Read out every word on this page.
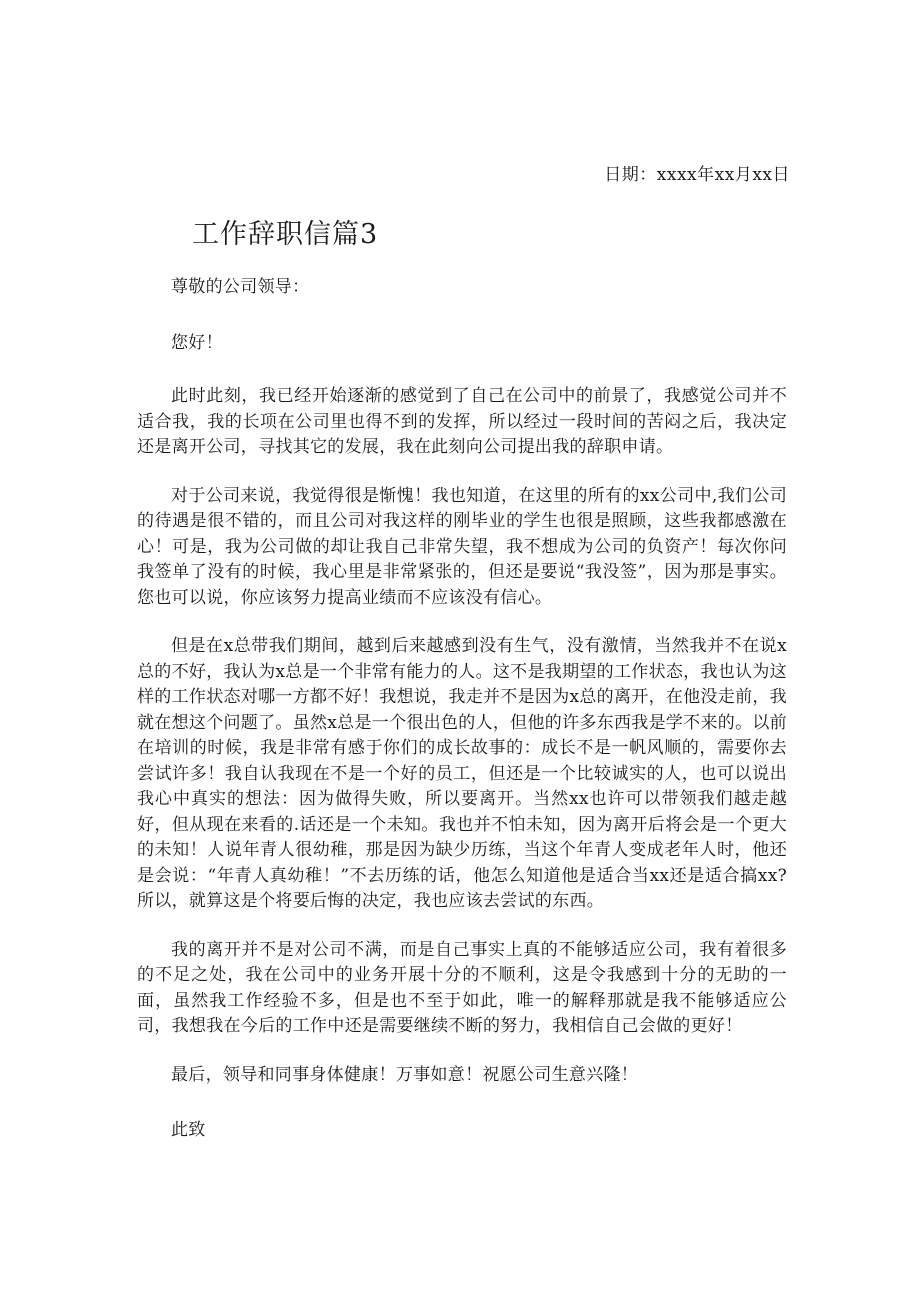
日期：xxxx年xx月xx日
工作辞职信篇3

尊敬的公司领导：

您好！

此时此刻，我已经开始逐渐的感觉到了自己在公司中的前景了，我感觉公司并不适合我，我的长项在公司里也得不到的发挥，所以经过一段时间的苦闷之后，我决定还是离开公司，寻找其它的发展，我在此刻向公司提出我的辞职申请。

对于公司来说，我觉得很是惭愧！我也知道，在这里的所有的xx公司中,我们公司的待遇是很不错的，而且公司对我这样的刚毕业的学生也很是照顾，这些我都感激在心！可是，我为公司做的却让我自己非常失望，我不想成为公司的负资产！每次你问我签单了没有的时候，我心里是非常紧张的，但还是要说“我没签”，因为那是事实。您也可以说，你应该努力提高业绩而不应该没有信心。

但是在x总带我们期间，越到后来越感到没有生气，没有激情，当然我并不在说x总的不好，我认为x总是一个非常有能力的人。这不是我期望的工作状态，我也认为这样的工作状态对哪一方都不好！我想说，我走并不是因为x总的离开，在他没走前，我就在想这个问题了。虽然x总是一个很出色的人，但他的许多东西我是学不来的。以前在培训的时候，我是非常有感于你们的成长故事的：成长不是一帆风顺的，需要你去尝试许多！我自认我现在不是一个好的员工，但还是一个比较诚实的人，也可以说出我心中真实的想法：因为做得失败，所以要离开。当然xx也许可以带领我们越走越好，但从现在来看的.话还是一个未知。我也并不怕未知，因为离开后将会是一个更大的未知！人说年青人很幼稚，那是因为缺少历练，当这个年青人变成老年人时，他还是会说：“年青人真幼稚！”不去历练的话，他怎么知道他是适合当xx还是适合搞xx?所以，就算这是个将要后悔的决定，我也应该去尝试的东西。

我的离开并不是对公司不满，而是自己事实上真的不能够适应公司，我有着很多的不足之处，我在公司中的业务开展十分的不顺利，这是令我感到十分的无助的一面，虽然我工作经验不多，但是也不至于如此，唯一的解释那就是我不能够适应公司，我想我在今后的工作中还是需要继续不断的努力，我相信自己会做的更好！

最后，领导和同事身体健康！万事如意！祝愿公司生意兴隆！

此致
